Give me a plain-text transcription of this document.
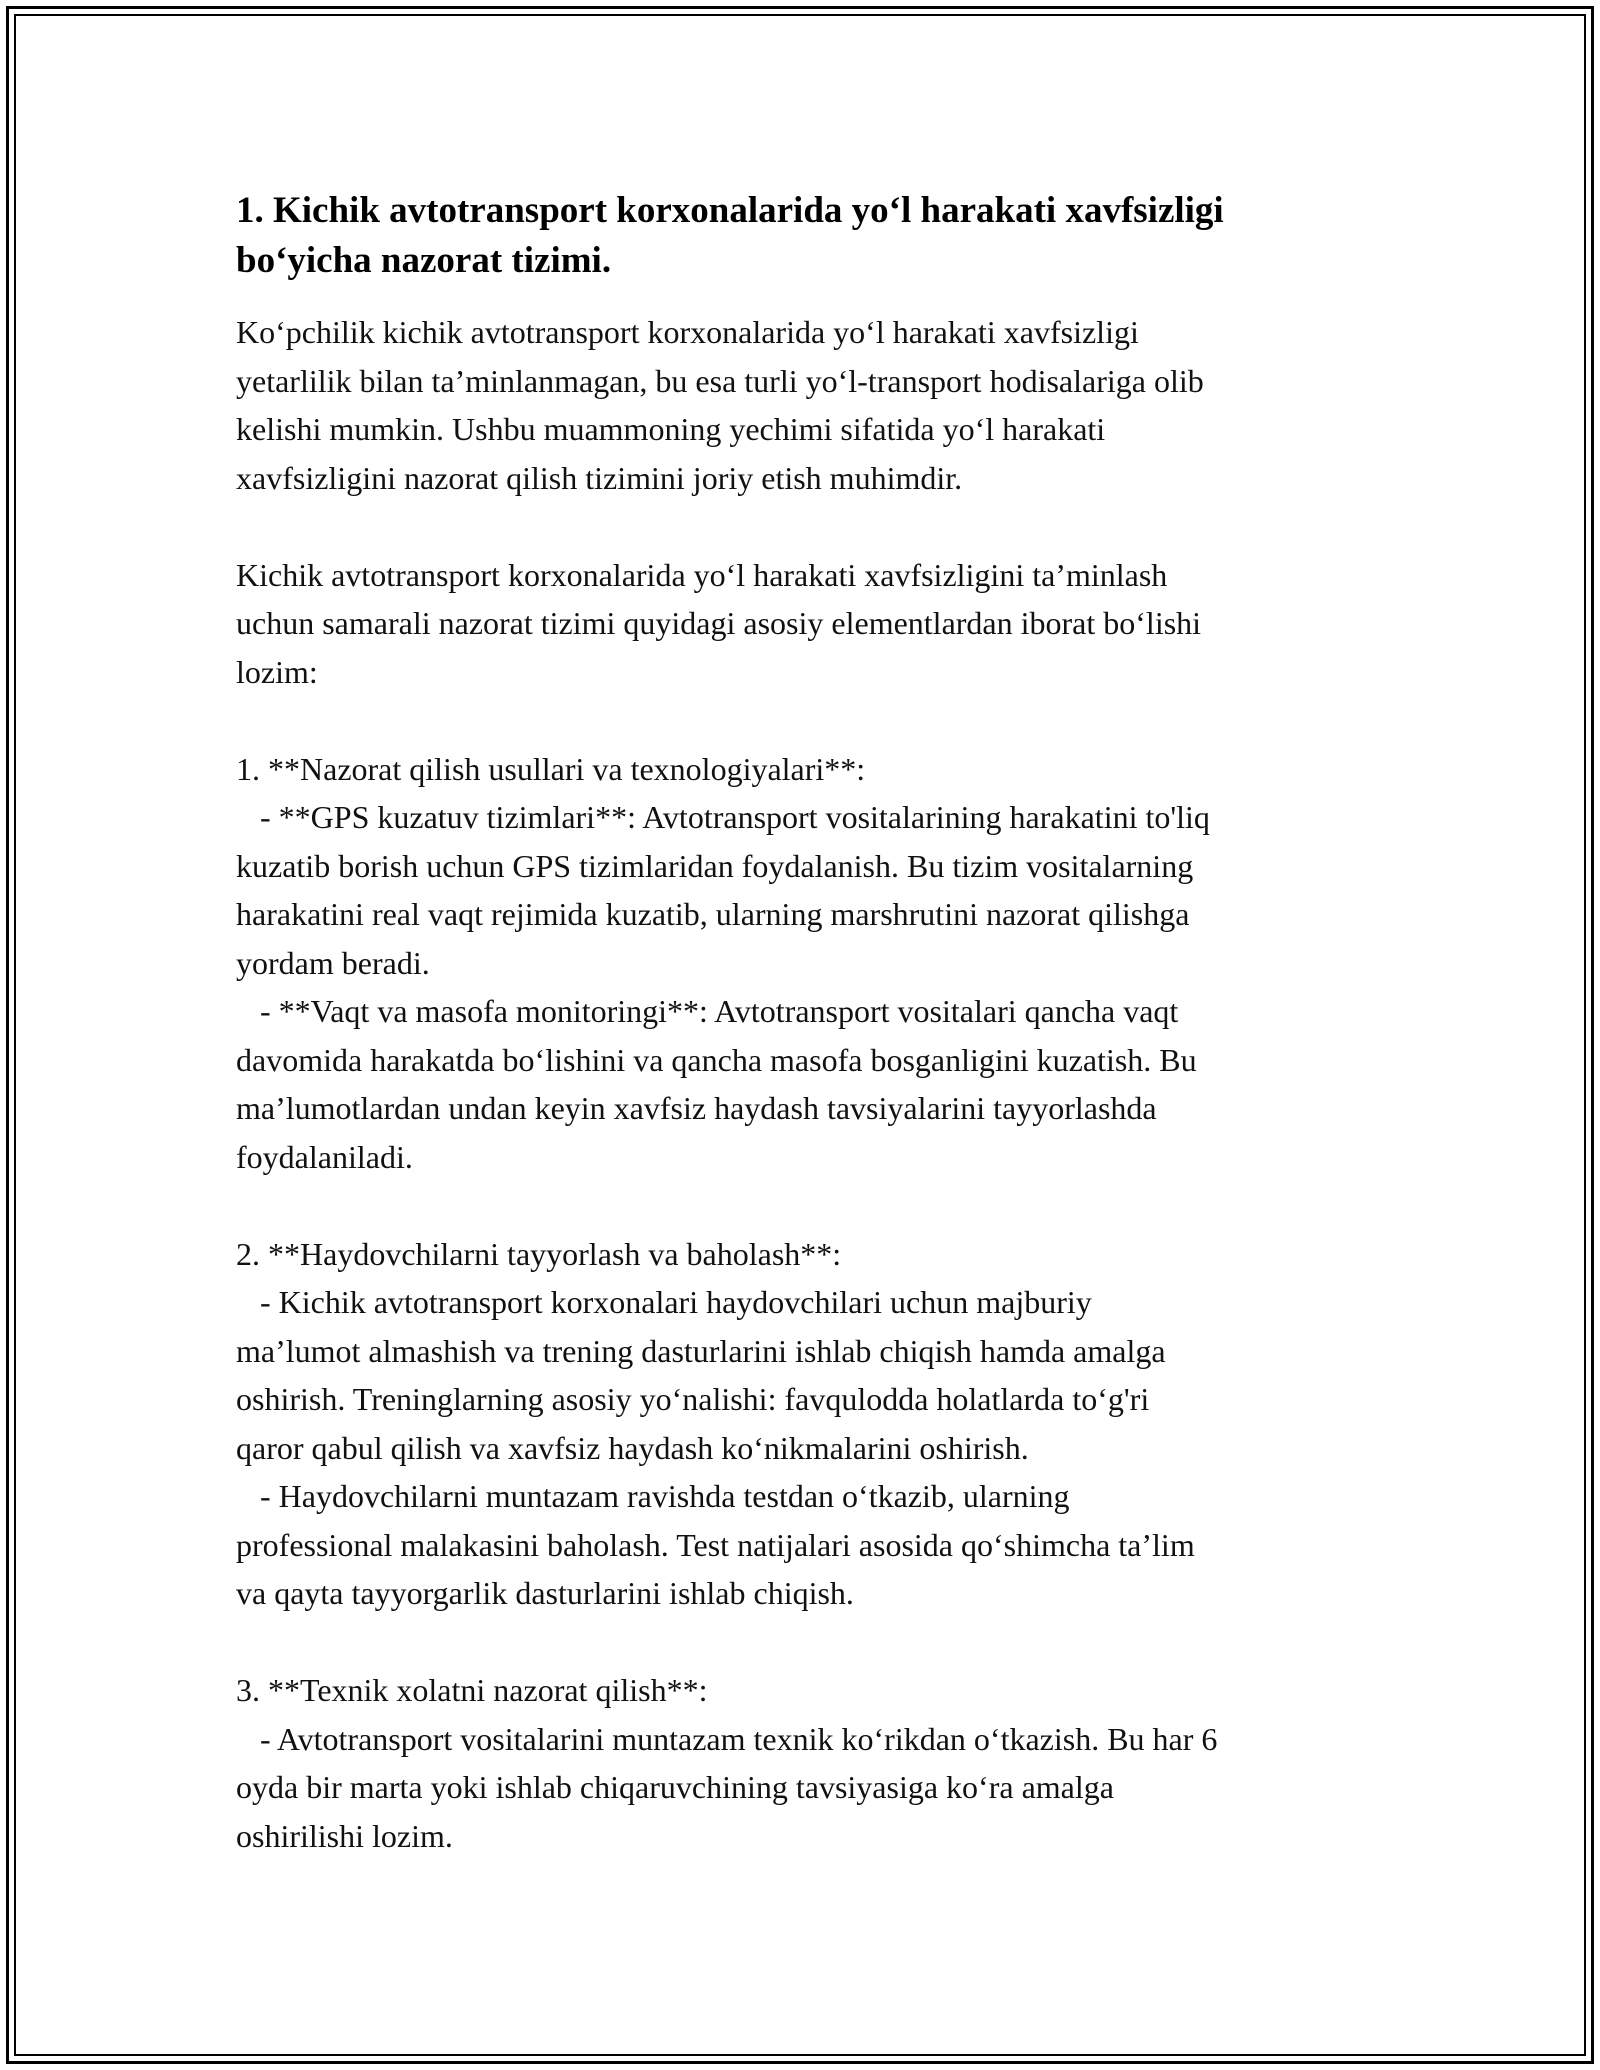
1. Kichik avtotransport korxonalarida yo‘l harakati xavfsizligi
bo‘yicha nazorat tizimi.

Ko‘pchilik kichik avtotransport korxonalarida yo‘l harakati xavfsizligi
yetarlilik bilan ta’minlanmagan, bu esa turli yo‘l-transport hodisalariga olib
kelishi mumkin. Ushbu muammoning yechimi sifatida yo‘l harakati
xavfsizligini nazorat qilish tizimini joriy etish muhimdir.

Kichik avtotransport korxonalarida yo‘l harakati xavfsizligini ta’minlash
uchun samarali nazorat tizimi quyidagi asosiy elementlardan iborat bo‘lishi
lozim:

1. **Nazorat qilish usullari va texnologiyalari**:
- **GPS kuzatuv tizimlari**: Avtotransport vositalarining harakatini to'liq
kuzatib borish uchun GPS tizimlaridan foydalanish. Bu tizim vositalarning
harakatini real vaqt rejimida kuzatib, ularning marshrutini nazorat qilishga
yordam beradi.
- **Vaqt va masofa monitoringi**: Avtotransport vositalari qancha vaqt
davomida harakatda bo‘lishini va qancha masofa bosganligini kuzatish. Bu
ma’lumotlardan undan keyin xavfsiz haydash tavsiyalarini tayyorlashda
foydalaniladi.

2. **Haydovchilarni tayyorlash va baholash**:
- Kichik avtotransport korxonalari haydovchilari uchun majburiy
ma’lumot almashish va trening dasturlarini ishlab chiqish hamda amalga
oshirish. Treninglarning asosiy yo‘nalishi: favqulodda holatlarda to‘g'ri
qaror qabul qilish va xavfsiz haydash ko‘nikmalarini oshirish.
- Haydovchilarni muntazam ravishda testdan o‘tkazib, ularning
professional malakasini baholash. Test natijalari asosida qo‘shimcha ta’lim
va qayta tayyorgarlik dasturlarini ishlab chiqish.

3. **Texnik xolatni nazorat qilish**:
- Avtotransport vositalarini muntazam texnik ko‘rikdan o‘tkazish. Bu har 6
oyda bir marta yoki ishlab chiqaruvchining tavsiyasiga ko‘ra amalga
oshirilishi lozim.
